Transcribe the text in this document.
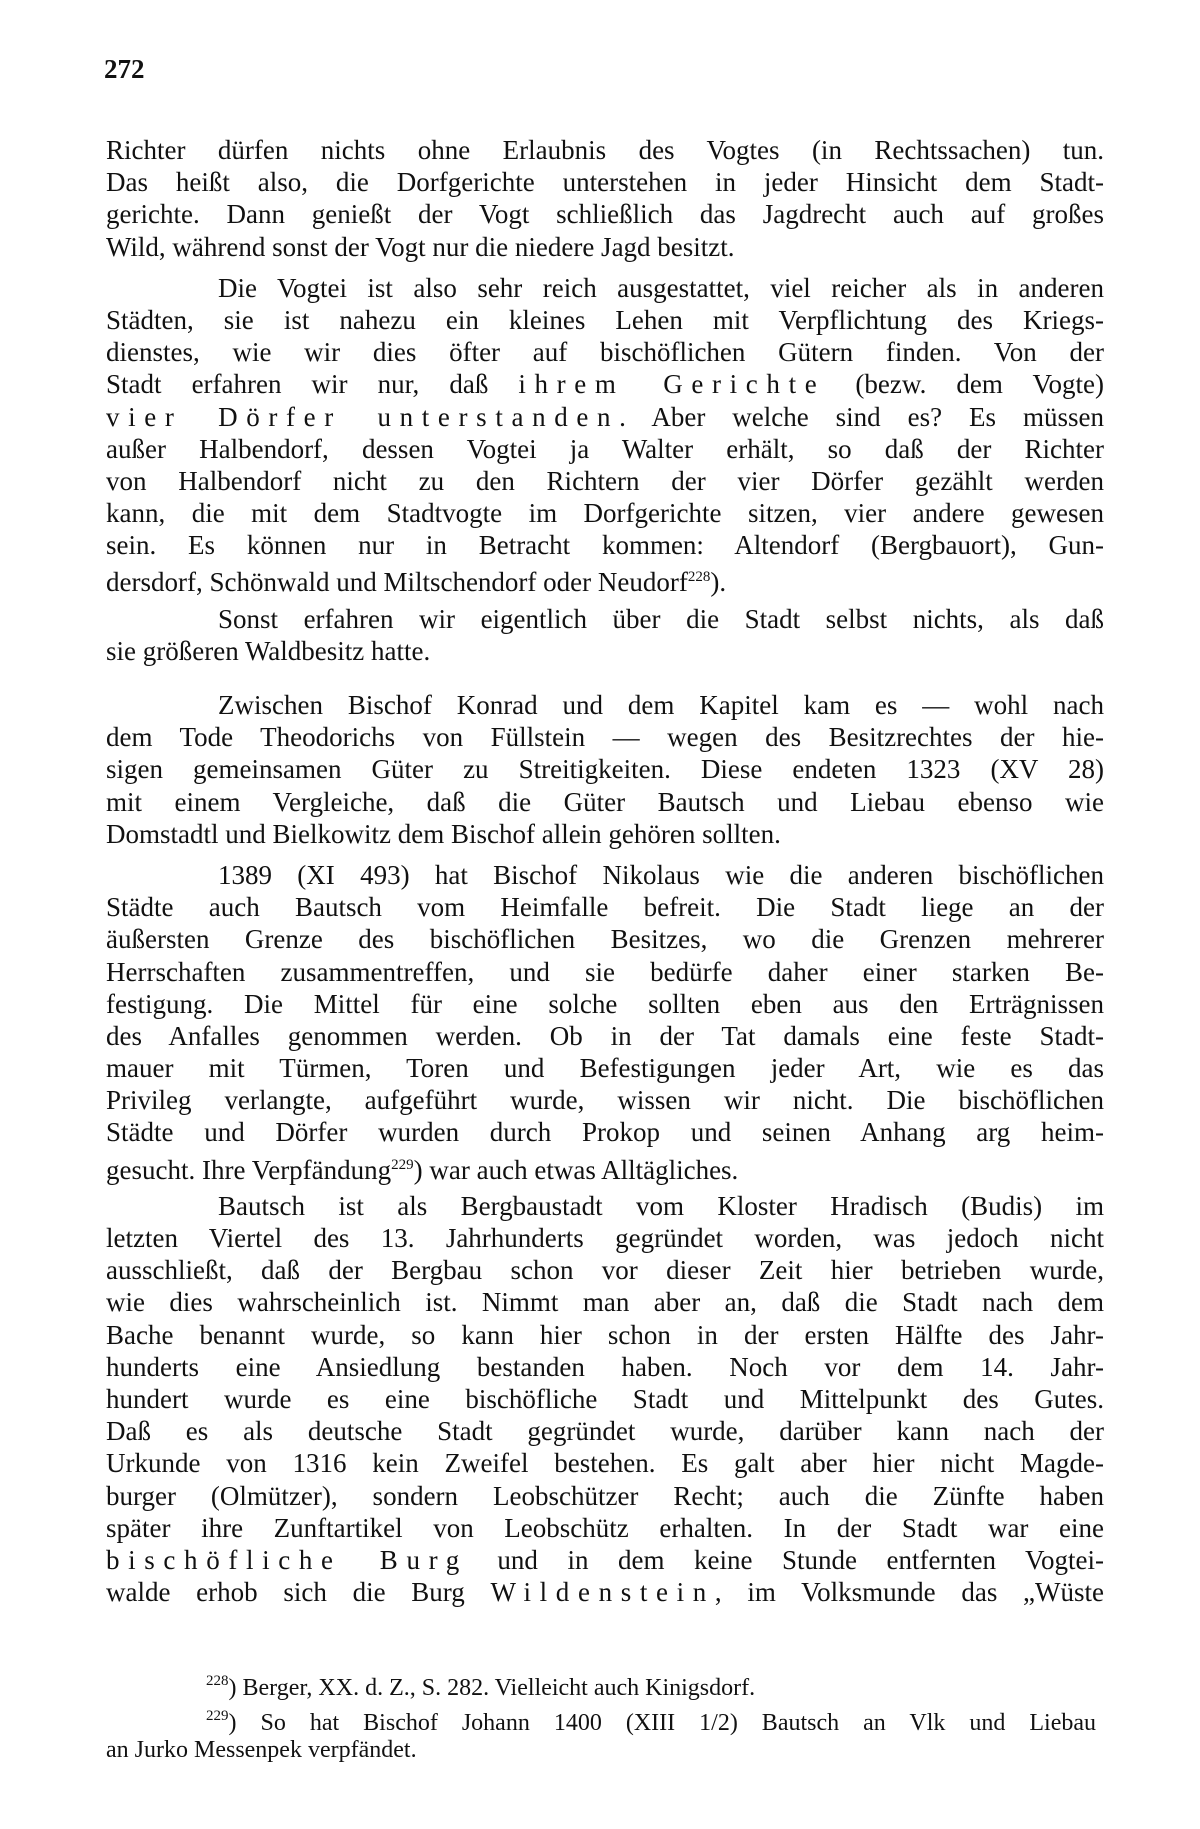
272
Richter dürfen nichts ohne Erlaubnis des Vogtes (in Rechtssachen) tun.
Das heißt also, die Dorfgerichte unterstehen in jeder Hinsicht dem Stadt-
gerichte. Dann genießt der Vogt schließlich das Jagdrecht auch auf großes
Wild, während sonst der Vogt nur die niedere Jagd besitzt.
Die Vogtei ist also sehr reich ausgestattet, viel reicher als in anderen
Städten, sie ist nahezu ein kleines Lehen mit Verpflichtung des Kriegs-
dienstes, wie wir dies öfter auf bischöflichen Gütern finden. Von der
Stadt erfahren wir nur, daß ihrem Gerichte (bezw. dem Vogte)
vier Dörfer unterstanden. Aber welche sind es? Es müssen
außer Halbendorf, dessen Vogtei ja Walter erhält, so daß der Richter
von Halbendorf nicht zu den Richtern der vier Dörfer gezählt werden
kann, die mit dem Stadtvogte im Dorfgerichte sitzen, vier andere gewesen
sein. Es können nur in Betracht kommen: Altendorf (Bergbauort), Gun-
dersdorf, Schönwald und Miltschendorf oder Neudorf$^{228}$).
Sonst erfahren wir eigentlich über die Stadt selbst nichts, als daß
sie größeren Waldbesitz hatte.
Zwischen Bischof Konrad und dem Kapitel kam es — wohl nach
dem Tode Theodorichs von Füllstein — wegen des Besitzrechtes der hie-
sigen gemeinsamen Güter zu Streitigkeiten. Diese endeten 1323 (XV 28)
mit einem Vergleiche, daß die Güter Bautsch und Liebau ebenso wie
Domstadtl und Bielkowitz dem Bischof allein gehören sollten.
1389 (XI 493) hat Bischof Nikolaus wie die anderen bischöflichen
Städte auch Bautsch vom Heimfalle befreit. Die Stadt liege an der
äußersten Grenze des bischöflichen Besitzes, wo die Grenzen mehrerer
Herrschaften zusammentreffen, und sie bedürfe daher einer starken Be-
festigung. Die Mittel für eine solche sollten eben aus den Erträgnissen
des Anfalles genommen werden. Ob in der Tat damals eine feste Stadt-
mauer mit Türmen, Toren und Befestigungen jeder Art, wie es das
Privileg verlangte, aufgeführt wurde, wissen wir nicht. Die bischöflichen
Städte und Dörfer wurden durch Prokop und seinen Anhang arg heim-
gesucht. Ihre Verpfändung$^{229}$) war auch etwas Alltägliches.
Bautsch ist als Bergbaustadt vom Kloster Hradisch (Budis) im
letzten Viertel des 13. Jahrhunderts gegründet worden, was jedoch nicht
ausschließt, daß der Bergbau schon vor dieser Zeit hier betrieben wurde,
wie dies wahrscheinlich ist. Nimmt man aber an, daß die Stadt nach dem
Bache benannt wurde, so kann hier schon in der ersten Hälfte des Jahr-
hunderts eine Ansiedlung bestanden haben. Noch vor dem 14. Jahr-
hundert wurde es eine bischöfliche Stadt und Mittelpunkt des Gutes.
Daß es als deutsche Stadt gegründet wurde, darüber kann nach der
Urkunde von 1316 kein Zweifel bestehen. Es galt aber hier nicht Magde-
burger (Olmützer), sondern Leobschützer Recht; auch die Zünfte haben
später ihre Zunftartikel von Leobschütz erhalten. In der Stadt war eine
bischöfliche Burg und in dem keine Stunde entfernten Vogtei-
walde erhob sich die Burg Wildenstein, im Volksmunde das „Wüste
$^{228}$) Berger, XX. d. Z., S. 282. Vielleicht auch Kinigsdorf.
$^{229}$) So hat Bischof Johann 1400 (XIII 1/2) Bautsch an Vlk und Liebau
an Jurko Messenpek verpfändet.
